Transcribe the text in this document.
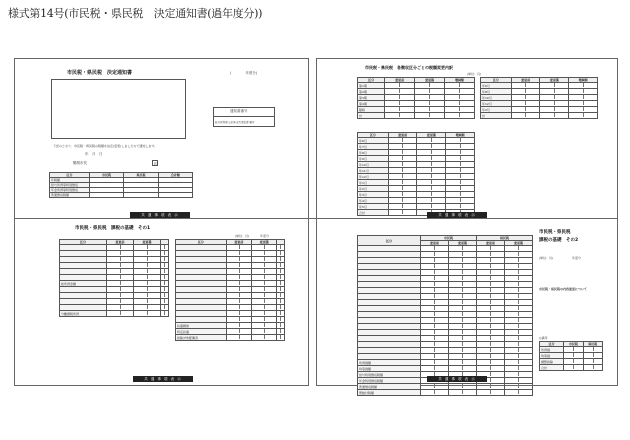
様式第14号(市民税・県民税　決定通知書(過年度分))
市民税・県民税　決定通知書	(　　　　年度分)
通知書番号
給与所得者(公的年金等受給者)番号
下記のとおり、市民税・県民税の税額を決定(変更)しましたので通知します。
年　月　日
鶴岡市長	印
区分	市民税	県民税	合計額
年税額			
給与所得等特別徴収			
年金所得等特別徴収			
普通徴収税額			
共 通 事 項 表 示
市民税・県民税　各徴収区分ごとの税額変更内訳
(単位：円)
区分	変更前	変更後	増減額
第1期			
第2期			
第3期			
第4期			
随時			
計			
区分	変更前	変更後	増減額
年6月			
年8月			
年10月			
年12月			
年2月			
計			
区分	変更前	変更後	増減額
年6月			
年7月			
年8月			
年9月			
年10月			
年11月			
年12月			
年1月			
年2月			
年3月			
年4月			
年5月			
合計			
共 通 事 項 表 示
市民税・県民税　課税の基礎　その1
(単位：円)	年度分
区分	変更前	変更後	

総所得金額			

分離課税所得			
区分	変更前	変更後	

扶養親族			
特定扶養			
控除対象配偶者			
共 通 事 項 表 示
市民税・県民税
課税の基礎　その2
(単位：円)	年度分
区分	市民税		県民税	
	変更前	変更後	変更前	変更後

所得割額				
均等割額				
給与特別徴収税額				
年金特別徴収税額				
普通徴収税額				
既納付税額				
市民税・県民税の内容変更について
◎備考
区分	市民税	県民税
所得割		
均等割		
調整控除		
合計		
共 通 事 項 表 示
